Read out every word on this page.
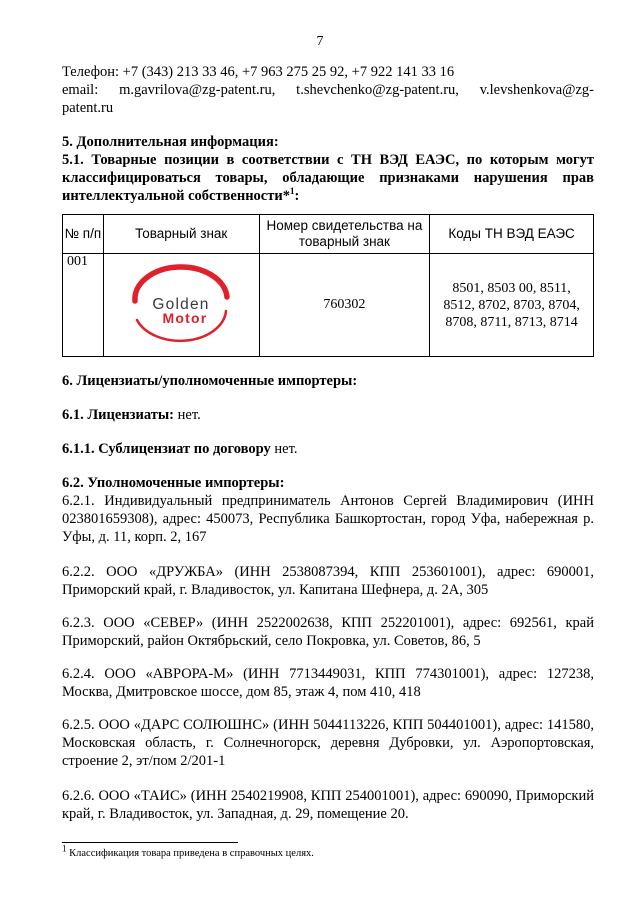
7
Телефон: +7 (343) 213 33 46, +7 963 275 25 92, +7 922 141 33 16
email: m.gavrilova@zg-patent.ru, t.shevchenko@zg-patent.ru, v.levshenkova@zg-
patent.ru
5. Дополнительная информация:
5.1. Товарные позиции в соответствии с ТН ВЭД ЕАЭС, по которым могут классифицироваться товары, обладающие признаками нарушения прав интеллектуальной собственности*$^1$:
№ п/п	Товарный знак	Номер свидетельства на товарный знак	Коды ТН ВЭД ЕАЭС
001	Golden
Motor	760302	8501, 8503 00, 8511, 8512, 8702, 8703, 8704, 8708, 8711, 8713, 8714
6. Лицензиаты/уполномоченные импортеры:
6.1. Лицензиаты: нет.
6.1.1. Сублицензиат по договору нет.
6.2. Уполномоченные импортеры:
6.2.1. Индивидуальный предприниматель Антонов Сергей Владимирович (ИНН 023801659308), адрес: 450073, Республика Башкортостан, город Уфа, набережная р. Уфы, д. 11, корп. 2, 167
6.2.2. ООО «ДРУЖБА» (ИНН 2538087394, КПП 253601001), адрес: 690001, Приморский край, г. Владивосток, ул. Капитана Шефнера, д. 2А, 305
6.2.3. ООО «СЕВЕР» (ИНН 2522002638, КПП 252201001), адрес: 692561, край Приморский, район Октябрьский, село Покровка, ул. Советов, 86, 5
6.2.4. ООО «АВРОРА-М» (ИНН 7713449031, КПП 774301001), адрес: 127238, Москва, Дмитровское шоссе, дом 85, этаж 4, пом 410, 418
6.2.5. ООО «ДАРС СОЛЮШНС» (ИНН 5044113226, КПП 504401001), адрес: 141580, Московская область, г. Солнечногорск, деревня Дубровки, ул. Аэропортовская, строение 2, эт/пом 2/201-1
6.2.6. ООО «ТАИС» (ИНН 2540219908, КПП 254001001), адрес: 690090, Приморский край, г. Владивосток, ул. Западная, д. 29, помещение 20.
$^1$ Классификация товара приведена в справочных целях.
